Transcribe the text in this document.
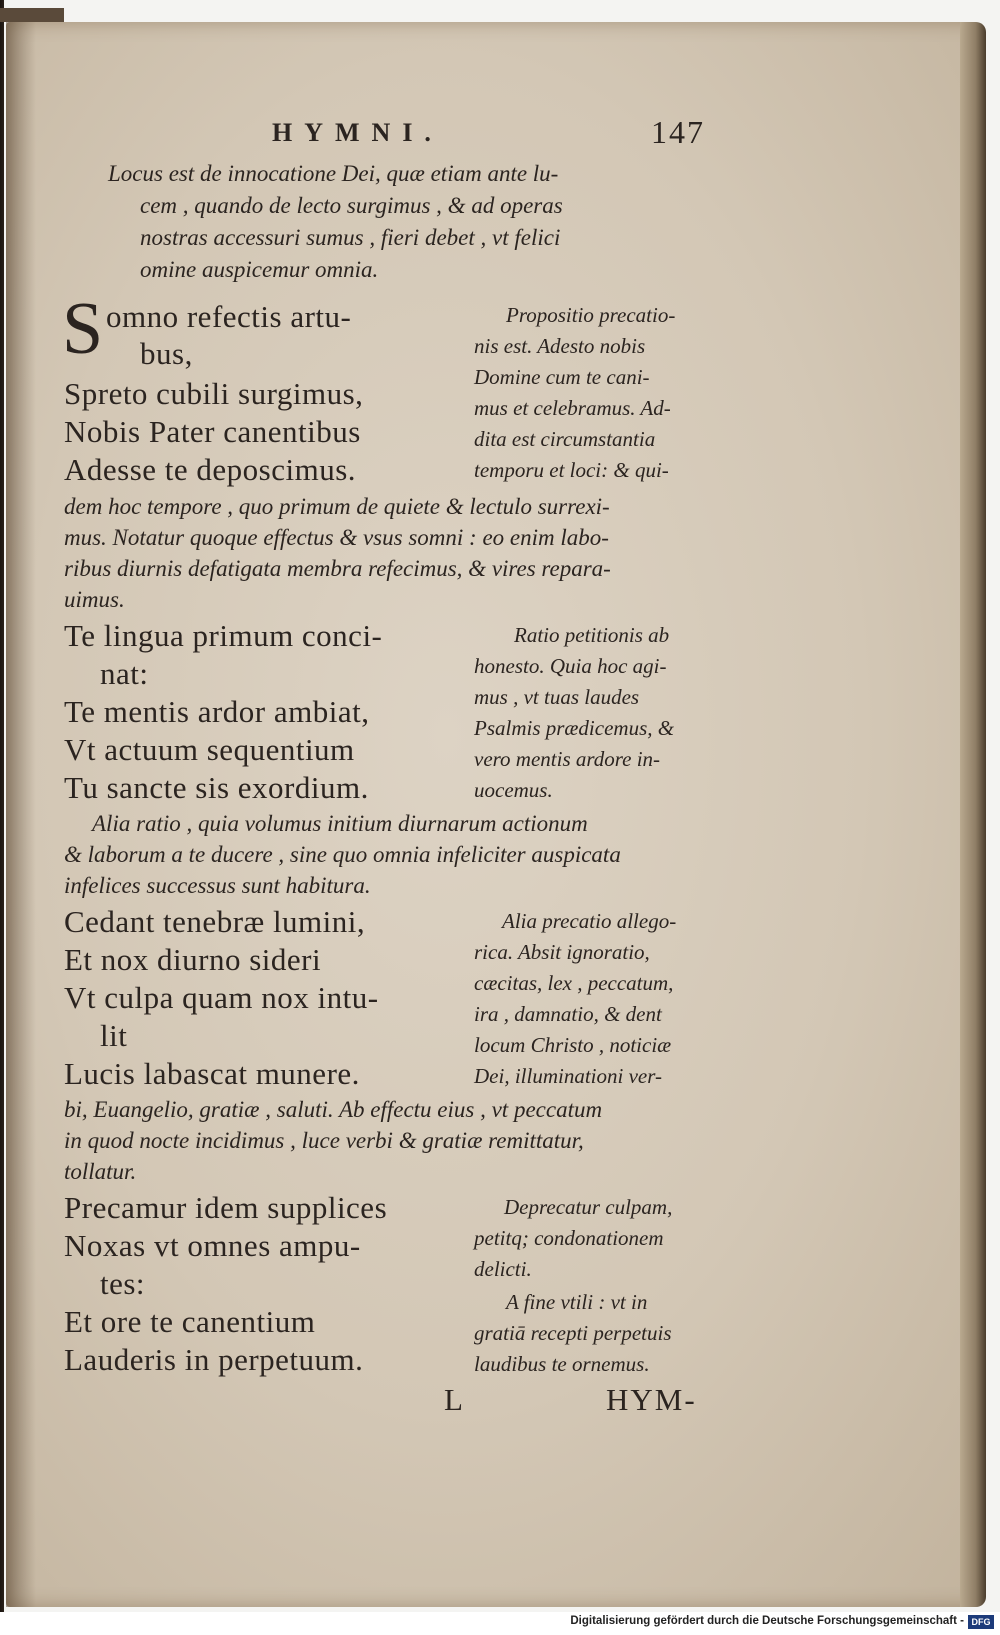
HYMNI.	147
Locus est de innocatione Dei, quæ etiam ante lu-
cem , quando de lecto surgimus , & ad operas
nostras accessuri sumus , fieri debet , vt felici
omine auspicemur omnia.
S omno refectis artu-
bus,
Spreto cubili surgimus,
Nobis Pater canentibus
Adesse te deposcimus.
Propositio precatio-
nis est. Adesto nobis
Domine cum te cani-
mus et celebramus. Ad-
dita est circumstantia
temporu et loci: & qui-
dem hoc tempore , quo primum de quiete & lectulo surrexi-
mus. Notatur quoque effectus & vsus somni : eo enim labo-
ribus diurnis defatigata membra refecimus, & vires repara-
uimus.
Te lingua primum conci-
nat:
Te mentis ardor ambiat,
Vt actuum sequentium
Tu sancte sis exordium.
Ratio petitionis ab
honesto. Quia hoc agi-
mus , vt tuas laudes
Psalmis prædicemus, &
vero mentis ardore in-
uocemus.
Alia ratio , quia volumus initium diurnarum actionum
& laborum a te ducere , sine quo omnia infeliciter auspicata
infelices successus sunt habitura.
Cedant tenebræ lumini,
Et nox diurno sideri
Vt culpa quam nox intu-
lit
Lucis labascat munere.
Alia precatio allego-
rica. Absit ignoratio,
cæcitas, lex , peccatum,
ira , damnatio, & dent
locum Christo , noticiæ
Dei, illuminationi ver-
bi, Euangelio, gratiæ , saluti. Ab effectu eius , vt peccatum
in quod nocte incidimus , luce verbi & gratiæ remittatur,
tollatur.
Precamur idem supplices
Noxas vt omnes ampu-
tes:
Et ore te canentium
Lauderis in perpetuum.
Deprecatur culpam,
petitq; condonationem
delicti.
A fine vtili : vt in
gratiā recepti perpetuis
laudibus te ornemus.
L	HYM-
Digitalisierung gefördert durch die Deutsche Forschungsgemeinschaft - DFG
